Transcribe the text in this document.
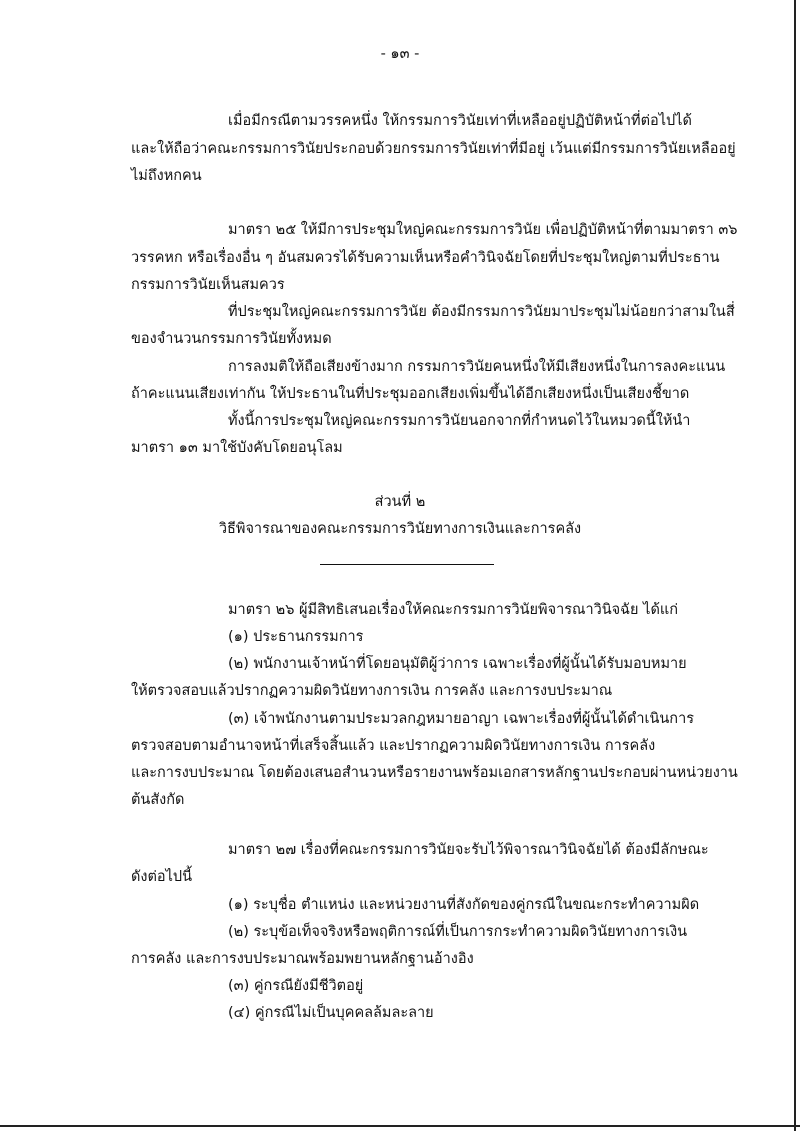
- ๑๓ -
เมื่อมีกรณีตามวรรคหนึ่ง ให้กรรมการวินัยเท่าที่เหลืออยู่ปฏิบัติหน้าที่ต่อไปได้
และให้ถือว่าคณะกรรมการวินัยประกอบด้วยกรรมการวินัยเท่าที่มีอยู่ เว้นแต่มีกรรมการวินัยเหลืออยู่
ไม่ถึงหกคน
มาตรา ๒๕ ให้มีการประชุมใหญ่คณะกรรมการวินัย เพื่อปฏิบัติหน้าที่ตามมาตรา ๓๖
วรรคหก หรือเรื่องอื่น ๆ อันสมควรได้รับความเห็นหรือคำวินิจฉัยโดยที่ประชุมใหญ่ตามที่ประธาน
กรรมการวินัยเห็นสมควร
ที่ประชุมใหญ่คณะกรรมการวินัย ต้องมีกรรมการวินัยมาประชุมไม่น้อยกว่าสามในสี่
ของจำนวนกรรมการวินัยทั้งหมด
การลงมติให้ถือเสียงข้างมาก กรรมการวินัยคนหนึ่งให้มีเสียงหนึ่งในการลงคะแนน
ถ้าคะแนนเสียงเท่ากัน ให้ประธานในที่ประชุมออกเสียงเพิ่มขึ้นได้อีกเสียงหนึ่งเป็นเสียงชี้ขาด
ทั้งนี้การประชุมใหญ่คณะกรรมการวินัยนอกจากที่กำหนดไว้ในหมวดนี้ให้นำ
มาตรา ๑๓ มาใช้บังคับโดยอนุโลม
ส่วนที่ ๒
วิธีพิจารณาของคณะกรรมการวินัยทางการเงินและการคลัง
มาตรา ๒๖ ผู้มีสิทธิเสนอเรื่องให้คณะกรรมการวินัยพิจารณาวินิจฉัย ได้แก่
(๑) ประธานกรรมการ
(๒) พนักงานเจ้าหน้าที่โดยอนุมัติผู้ว่าการ เฉพาะเรื่องที่ผู้นั้นได้รับมอบหมาย
ให้ตรวจสอบแล้วปรากฏความผิดวินัยทางการเงิน การคลัง และการงบประมาณ
(๓) เจ้าพนักงานตามประมวลกฎหมายอาญา เฉพาะเรื่องที่ผู้นั้นได้ดำเนินการ
ตรวจสอบตามอำนาจหน้าที่เสร็จสิ้นแล้ว และปรากฏความผิดวินัยทางการเงิน การคลัง
และการงบประมาณ โดยต้องเสนอสำนวนหรือรายงานพร้อมเอกสารหลักฐานประกอบผ่านหน่วยงาน
ต้นสังกัด
มาตรา ๒๗ เรื่องที่คณะกรรมการวินัยจะรับไว้พิจารณาวินิจฉัยได้ ต้องมีลักษณะ
ดังต่อไปนี้
(๑) ระบุชื่อ ตำแหน่ง และหน่วยงานที่สังกัดของคู่กรณีในขณะกระทำความผิด
(๒) ระบุข้อเท็จจริงหรือพฤติการณ์ที่เป็นการกระทำความผิดวินัยทางการเงิน
การคลัง และการงบประมาณพร้อมพยานหลักฐานอ้างอิง
(๓) คู่กรณียังมีชีวิตอยู่
(๔) คู่กรณีไม่เป็นบุคคลล้มละลาย
